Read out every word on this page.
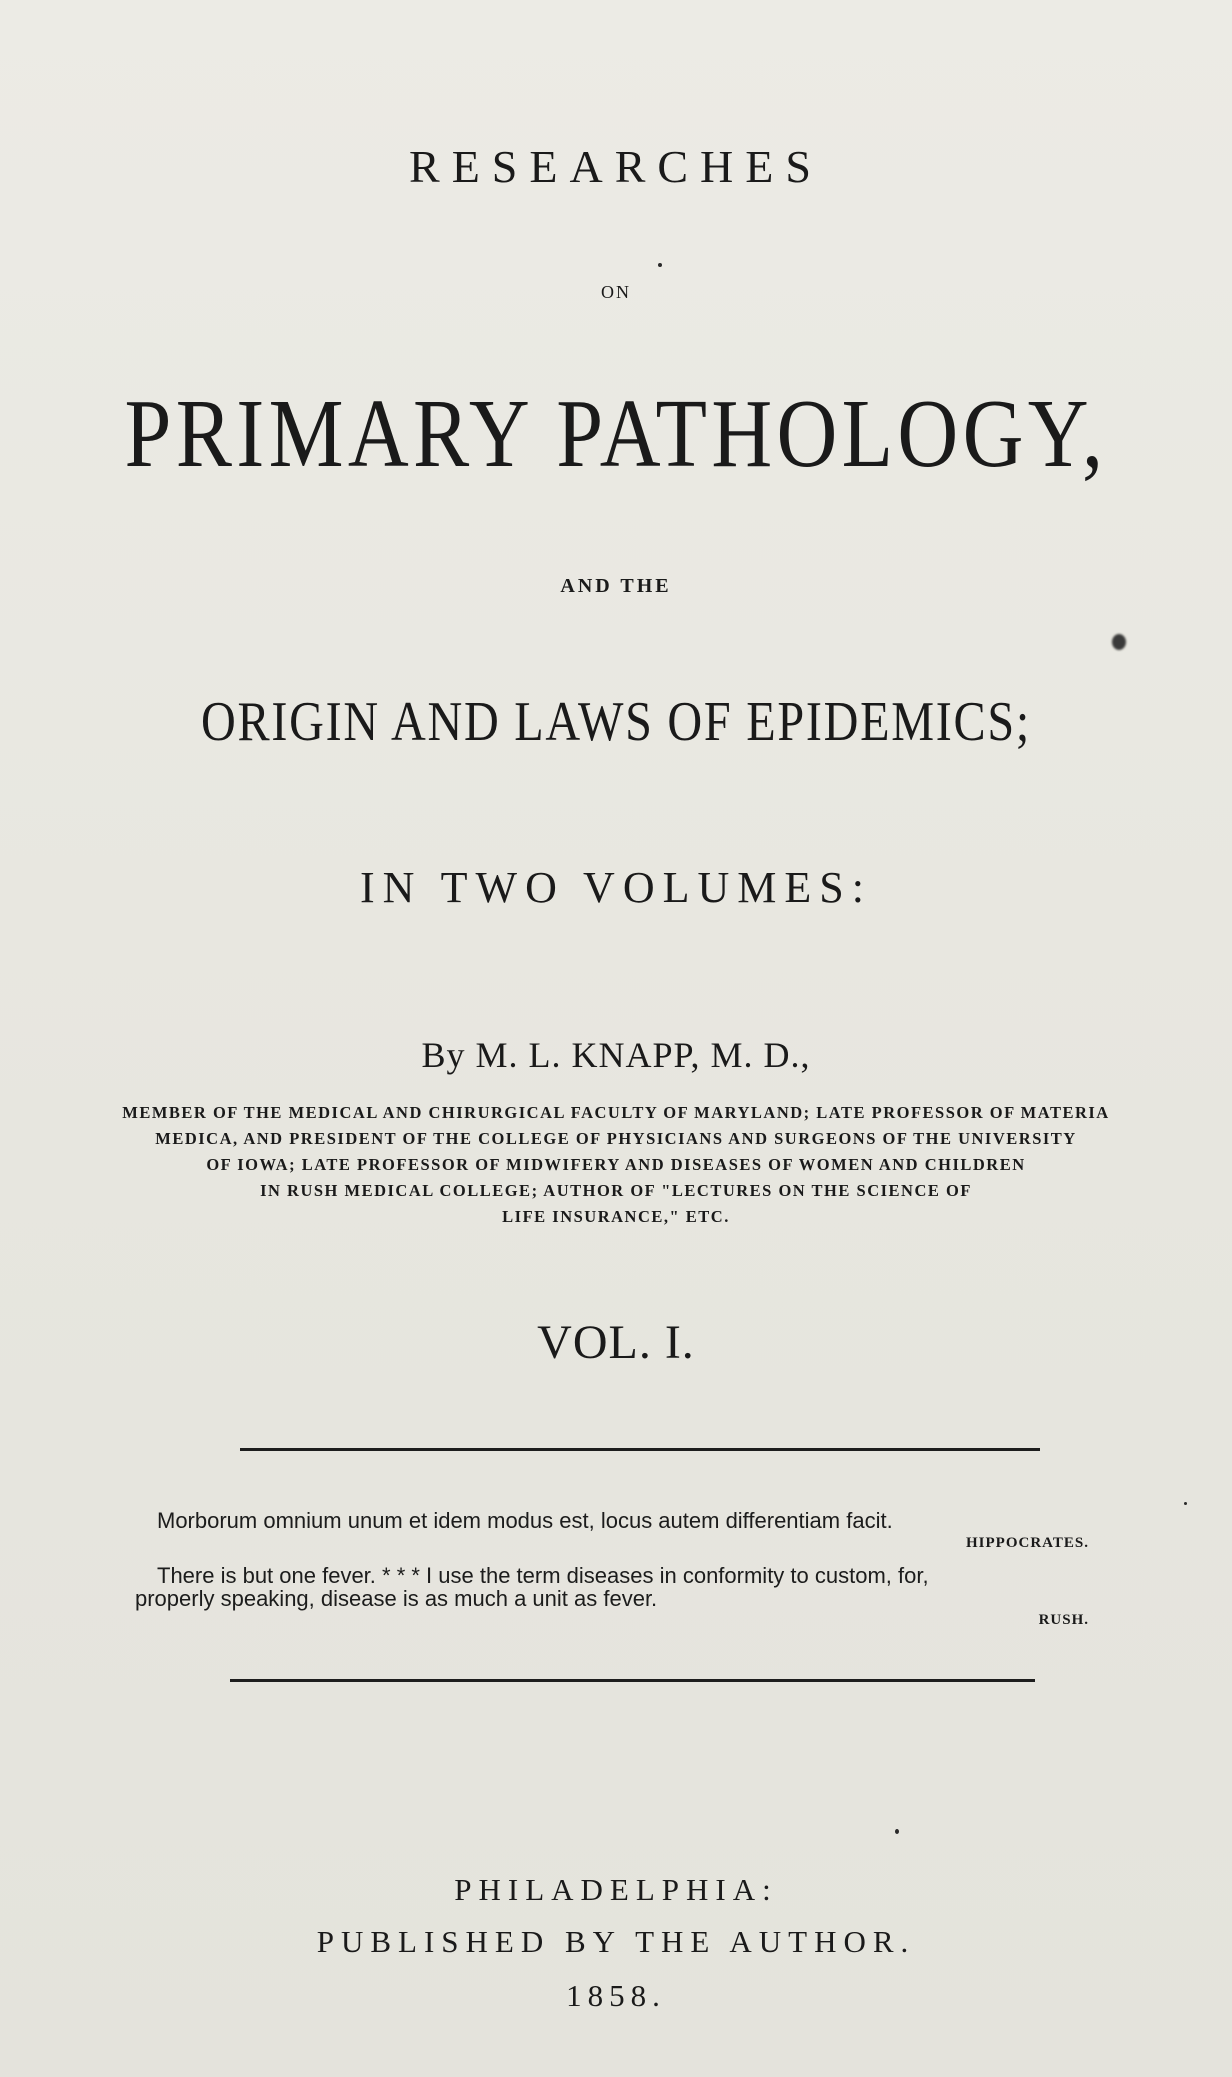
RESEARCHES
ON
PRIMARY PATHOLOGY,
AND THE
ORIGIN AND LAWS OF EPIDEMICS;
IN TWO VOLUMES:
By M. L. KNAPP, M. D.,
MEMBER OF THE MEDICAL AND CHIRURGICAL FACULTY OF MARYLAND; LATE PROFESSOR OF MATERIA
MEDICA, AND PRESIDENT OF THE COLLEGE OF PHYSICIANS AND SURGEONS OF THE UNIVERSITY
OF IOWA; LATE PROFESSOR OF MIDWIFERY AND DISEASES OF WOMEN AND CHILDREN
IN RUSH MEDICAL COLLEGE; AUTHOR OF "LECTURES ON THE SCIENCE OF
LIFE INSURANCE," ETC.
VOL. I.
Morborum omnium unum et idem modus est, locus autem differentiam facit.
HIPPOCRATES.
There is but one fever. * * * I use the term diseases in conformity to custom, for,
properly speaking, disease is as much a unit as fever.
RUSH.
PHILADELPHIA:
PUBLISHED BY THE AUTHOR.
1858.
